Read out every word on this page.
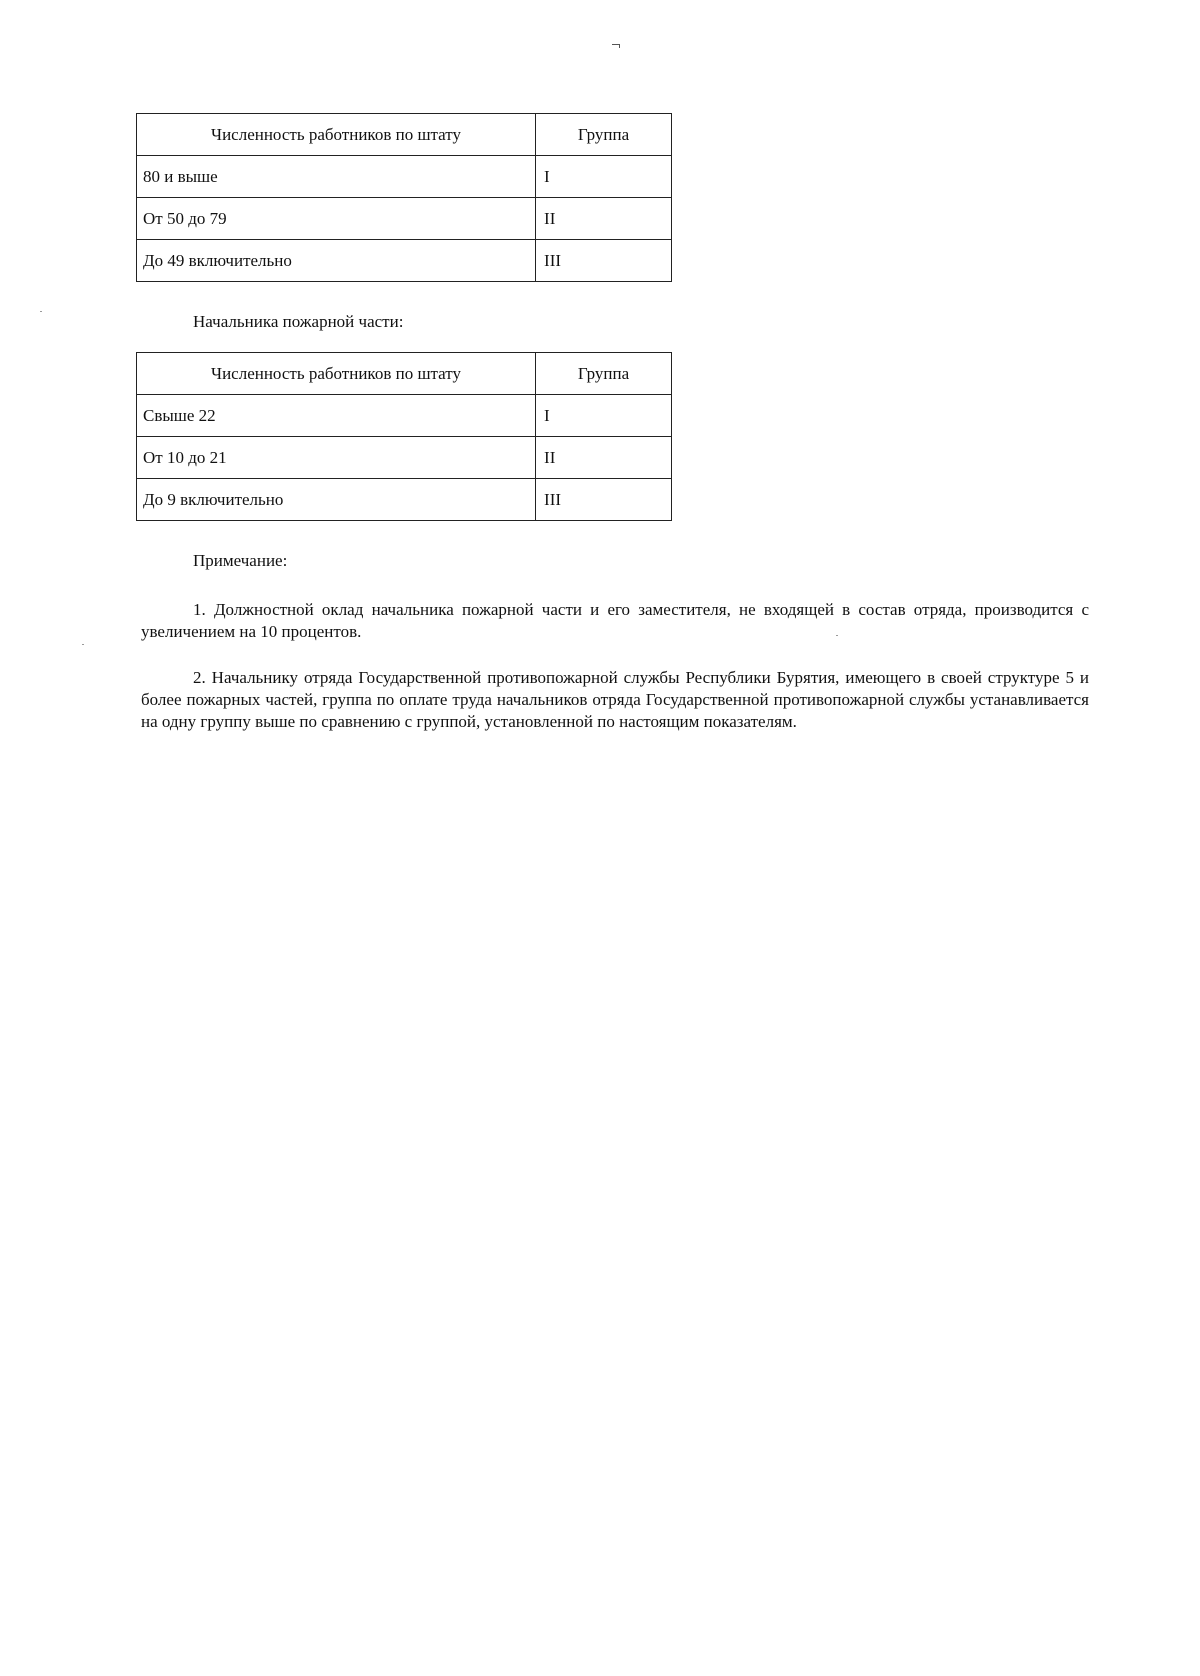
Численность работников по штату	Группа
80 и выше	I
От 50 до 79	II
До 49 включительно	III

Начальника пожарной части:

Численность работников по штату	Группа
Свыше 22	I
От 10 до 21	II
До 9 включительно	III

Примечание:

1. Должностной оклад начальника пожарной части и его заместителя, не входящей в состав отряда, производится с увеличением на 10 процентов.

2. Начальнику отряда Государственной противопожарной службы Республики Бурятия, имеющего в своей структуре 5 и более пожарных частей, группа по оплате труда начальников отряда Государственной противопожарной службы устанавливается на одну группу выше по сравнению с группой, установленной по настоящим показателям.
